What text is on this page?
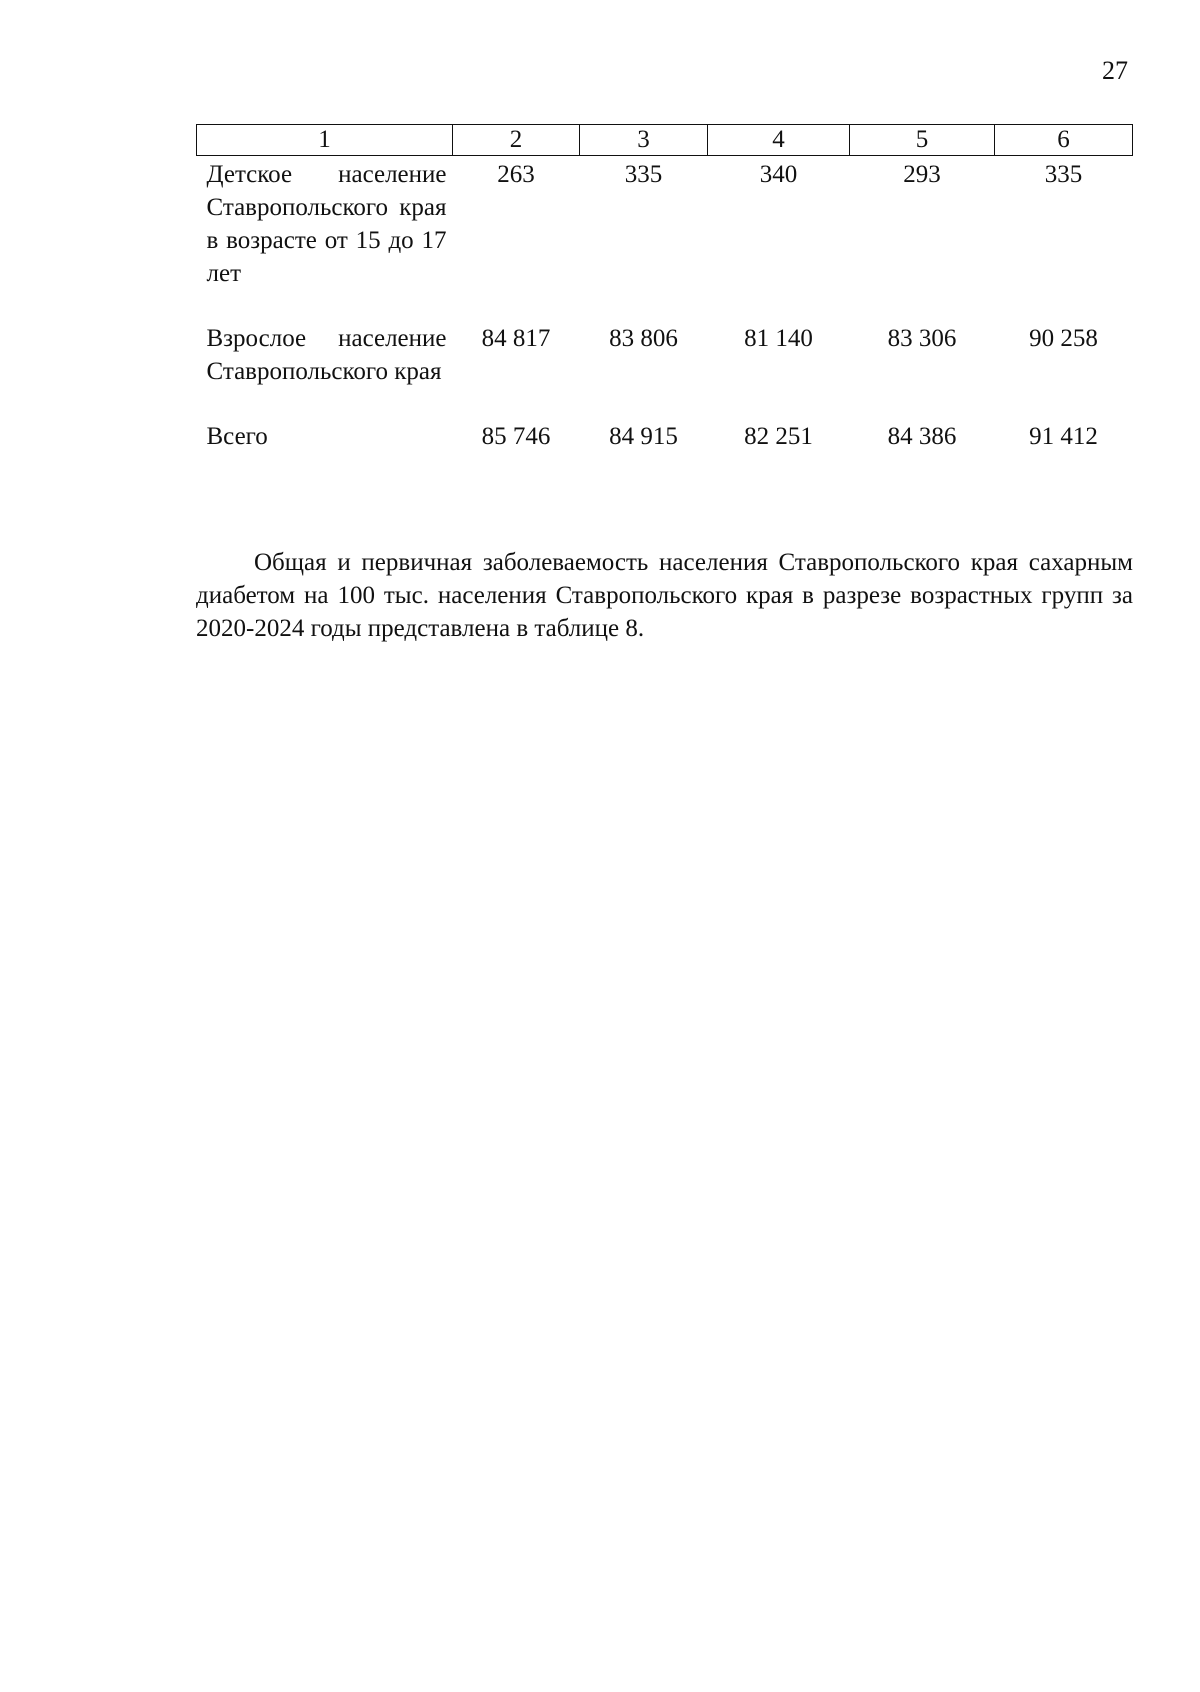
27
1	2	3	4	5	6
Детское население Ставропольского края в возрасте от 15 до 17 лет	263	335	340	293	335
Взрослое население Ставропольского края	84 817	83 806	81 140	83 306	90 258
Всего	85 746	84 915	82 251	84 386	91 412

Общая и первичная заболеваемость населения Ставропольского края сахарным диабетом на 100 тыс. населения Ставропольского края в разрезе возрастных групп за 2020-2024 годы представлена в таблице 8.
